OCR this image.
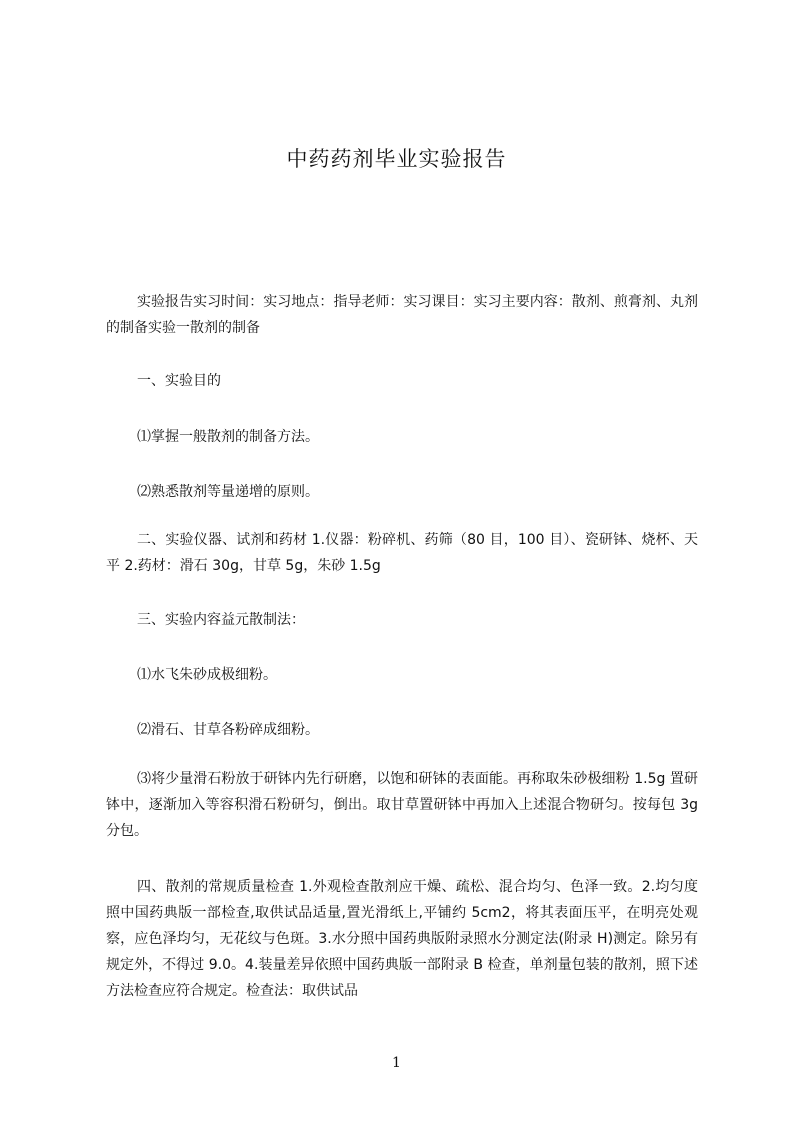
中药药剂毕业实验报告

实验报告实习时间：实习地点：指导老师：实习课目：实习主要内容：散剂、煎膏剂、丸剂的制备实验一散剂的制备

一、实验目的

⑴掌握一般散剂的制备方法。

⑵熟悉散剂等量递增的原则。

二、实验仪器、试剂和药材 1.仪器：粉碎机、药筛（80 目，100 目）、瓷研钵、烧杯、天平 2.药材：滑石 30g，甘草 5g，朱砂 1.5g

三、实验内容益元散制法：

⑴水飞朱砂成极细粉。

⑵滑石、甘草各粉碎成细粉。

⑶将少量滑石粉放于研钵内先行研磨，以饱和研钵的表面能。再称取朱砂极细粉 1.5g 置研钵中，逐渐加入等容积滑石粉研匀，倒出。取甘草置研钵中再加入上述混合物研匀。按每包 3g 分包。

四、散剂的常规质量检查 1.外观检查散剂应干燥、疏松、混合均匀、色泽一致。2.均匀度照中国药典版一部检查,取供试品适量,置光滑纸上,平铺约 5cm2，将其表面压平，在明亮处观察，应色泽均匀，无花纹与色斑。3.水分照中国药典版附录照水分测定法(附录 H)测定。除另有规定外，不得过 9.0。4.装量差异依照中国药典版一部附录 B 检查，单剂量包装的散剂，照下述方法检查应符合规定。检查法：取供试品

1
